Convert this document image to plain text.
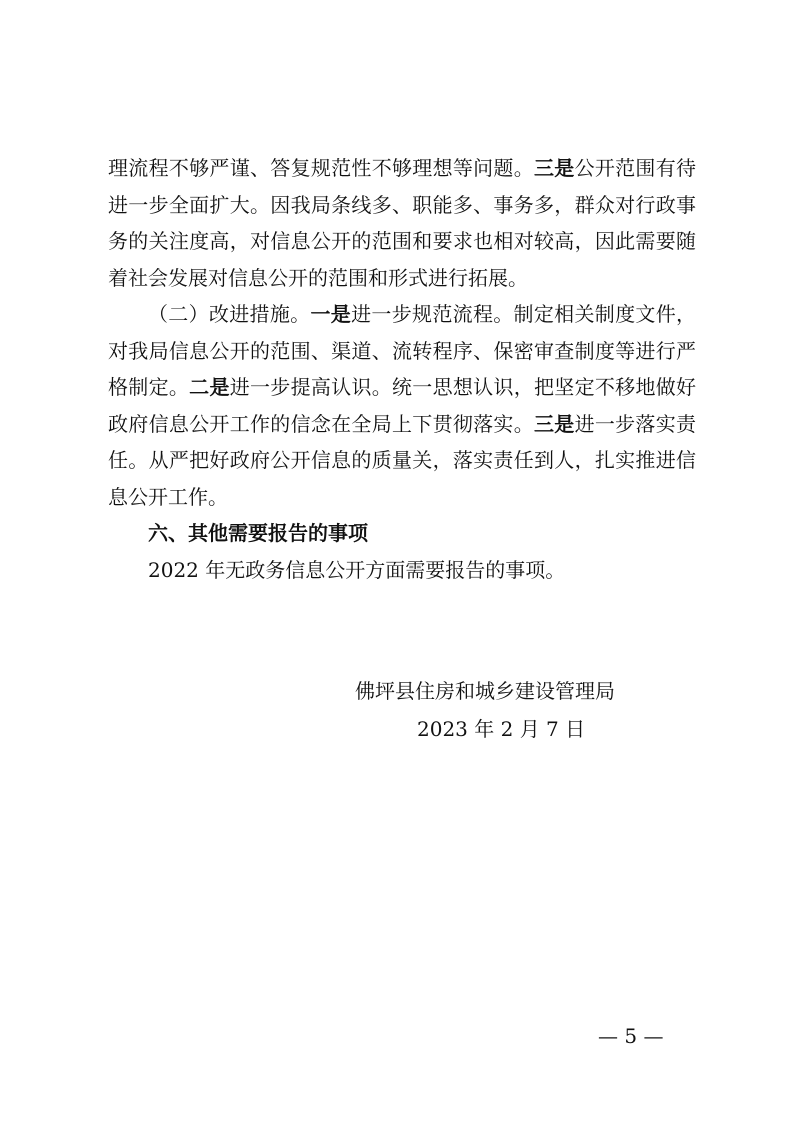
理流程不够严谨、答复规范性不够理想等问题。三是公开范围有待进一步全面扩大。因我局条线多、职能多、事务多，群众对行政事务的关注度高，对信息公开的范围和要求也相对较高，因此需要随着社会发展对信息公开的范围和形式进行拓展。

（二）改进措施。一是进一步规范流程。制定相关制度文件，对我局信息公开的范围、渠道、流转程序、保密审查制度等进行严格制定。二是进一步提高认识。统一思想认识，把坚定不移地做好政府信息公开工作的信念在全局上下贯彻落实。三是进一步落实责任。从严把好政府公开信息的质量关，落实责任到人，扎实推进信息公开工作。

六、其他需要报告的事项

2022 年无政务信息公开方面需要报告的事项。

佛坪县住房和城乡建设管理局
2023 年 2 月 7 日
— 5 —
